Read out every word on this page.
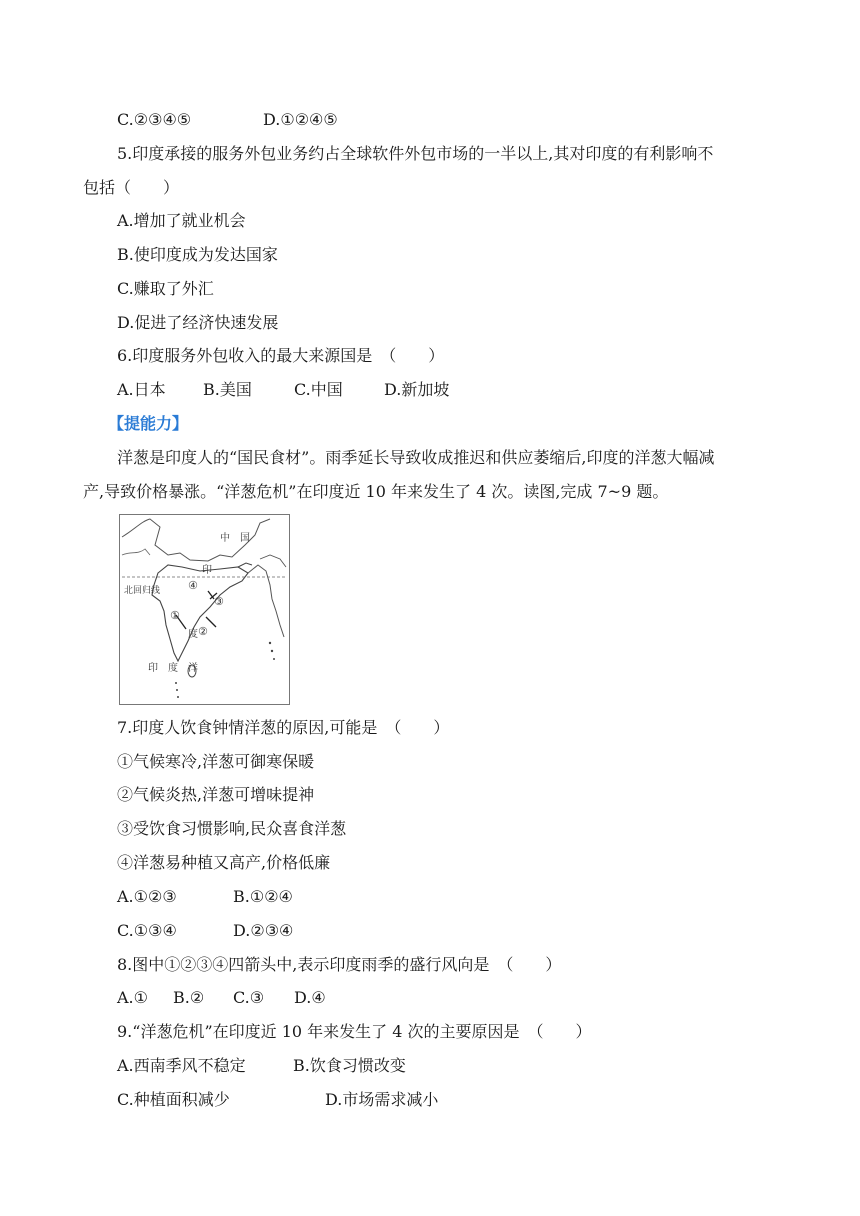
C.②③④⑤	D.①②④⑤
5.印度承接的服务外包业务约占全球软件外包市场的一半以上,其对印度的有利影响不
包括（　　）
A.增加了就业机会
B.使印度成为发达国家
C.赚取了外汇
D.促进了经济快速发展
6.印度服务外包收入的最大来源国是　（　　）
A.日本 B.美国	C.中国	D.新加坡
【提能力】
洋葱是印度人的“国民食材”。雨季延长导致收成推迟和供应萎缩后,印度的洋葱大幅减
产,导致价格暴涨。“洋葱危机”在印度近 10 年来发生了 4 次。读图,完成 7~9 题。
中　国
印
北回归线
度
印　度　洋
④
③
①
②
7.印度人饮食钟情洋葱的原因,可能是　（　　）
①气候寒冷,洋葱可御寒保暖
②气候炎热,洋葱可增味提神
③受饮食习惯影响,民众喜食洋葱
④洋葱易种植又高产,价格低廉
A.①②③	B.①②④
C.①③④	D.②③④
8.图中①②③④四箭头中,表示印度雨季的盛行风向是　（　　）
A.① B.② C.③ D.④
9.“洋葱危机”在印度近 10 年来发生了 4 次的主要原因是　（　　）
A.西南季风不稳定	B.饮食习惯改变
C.种植面积减少	D.市场需求减小
